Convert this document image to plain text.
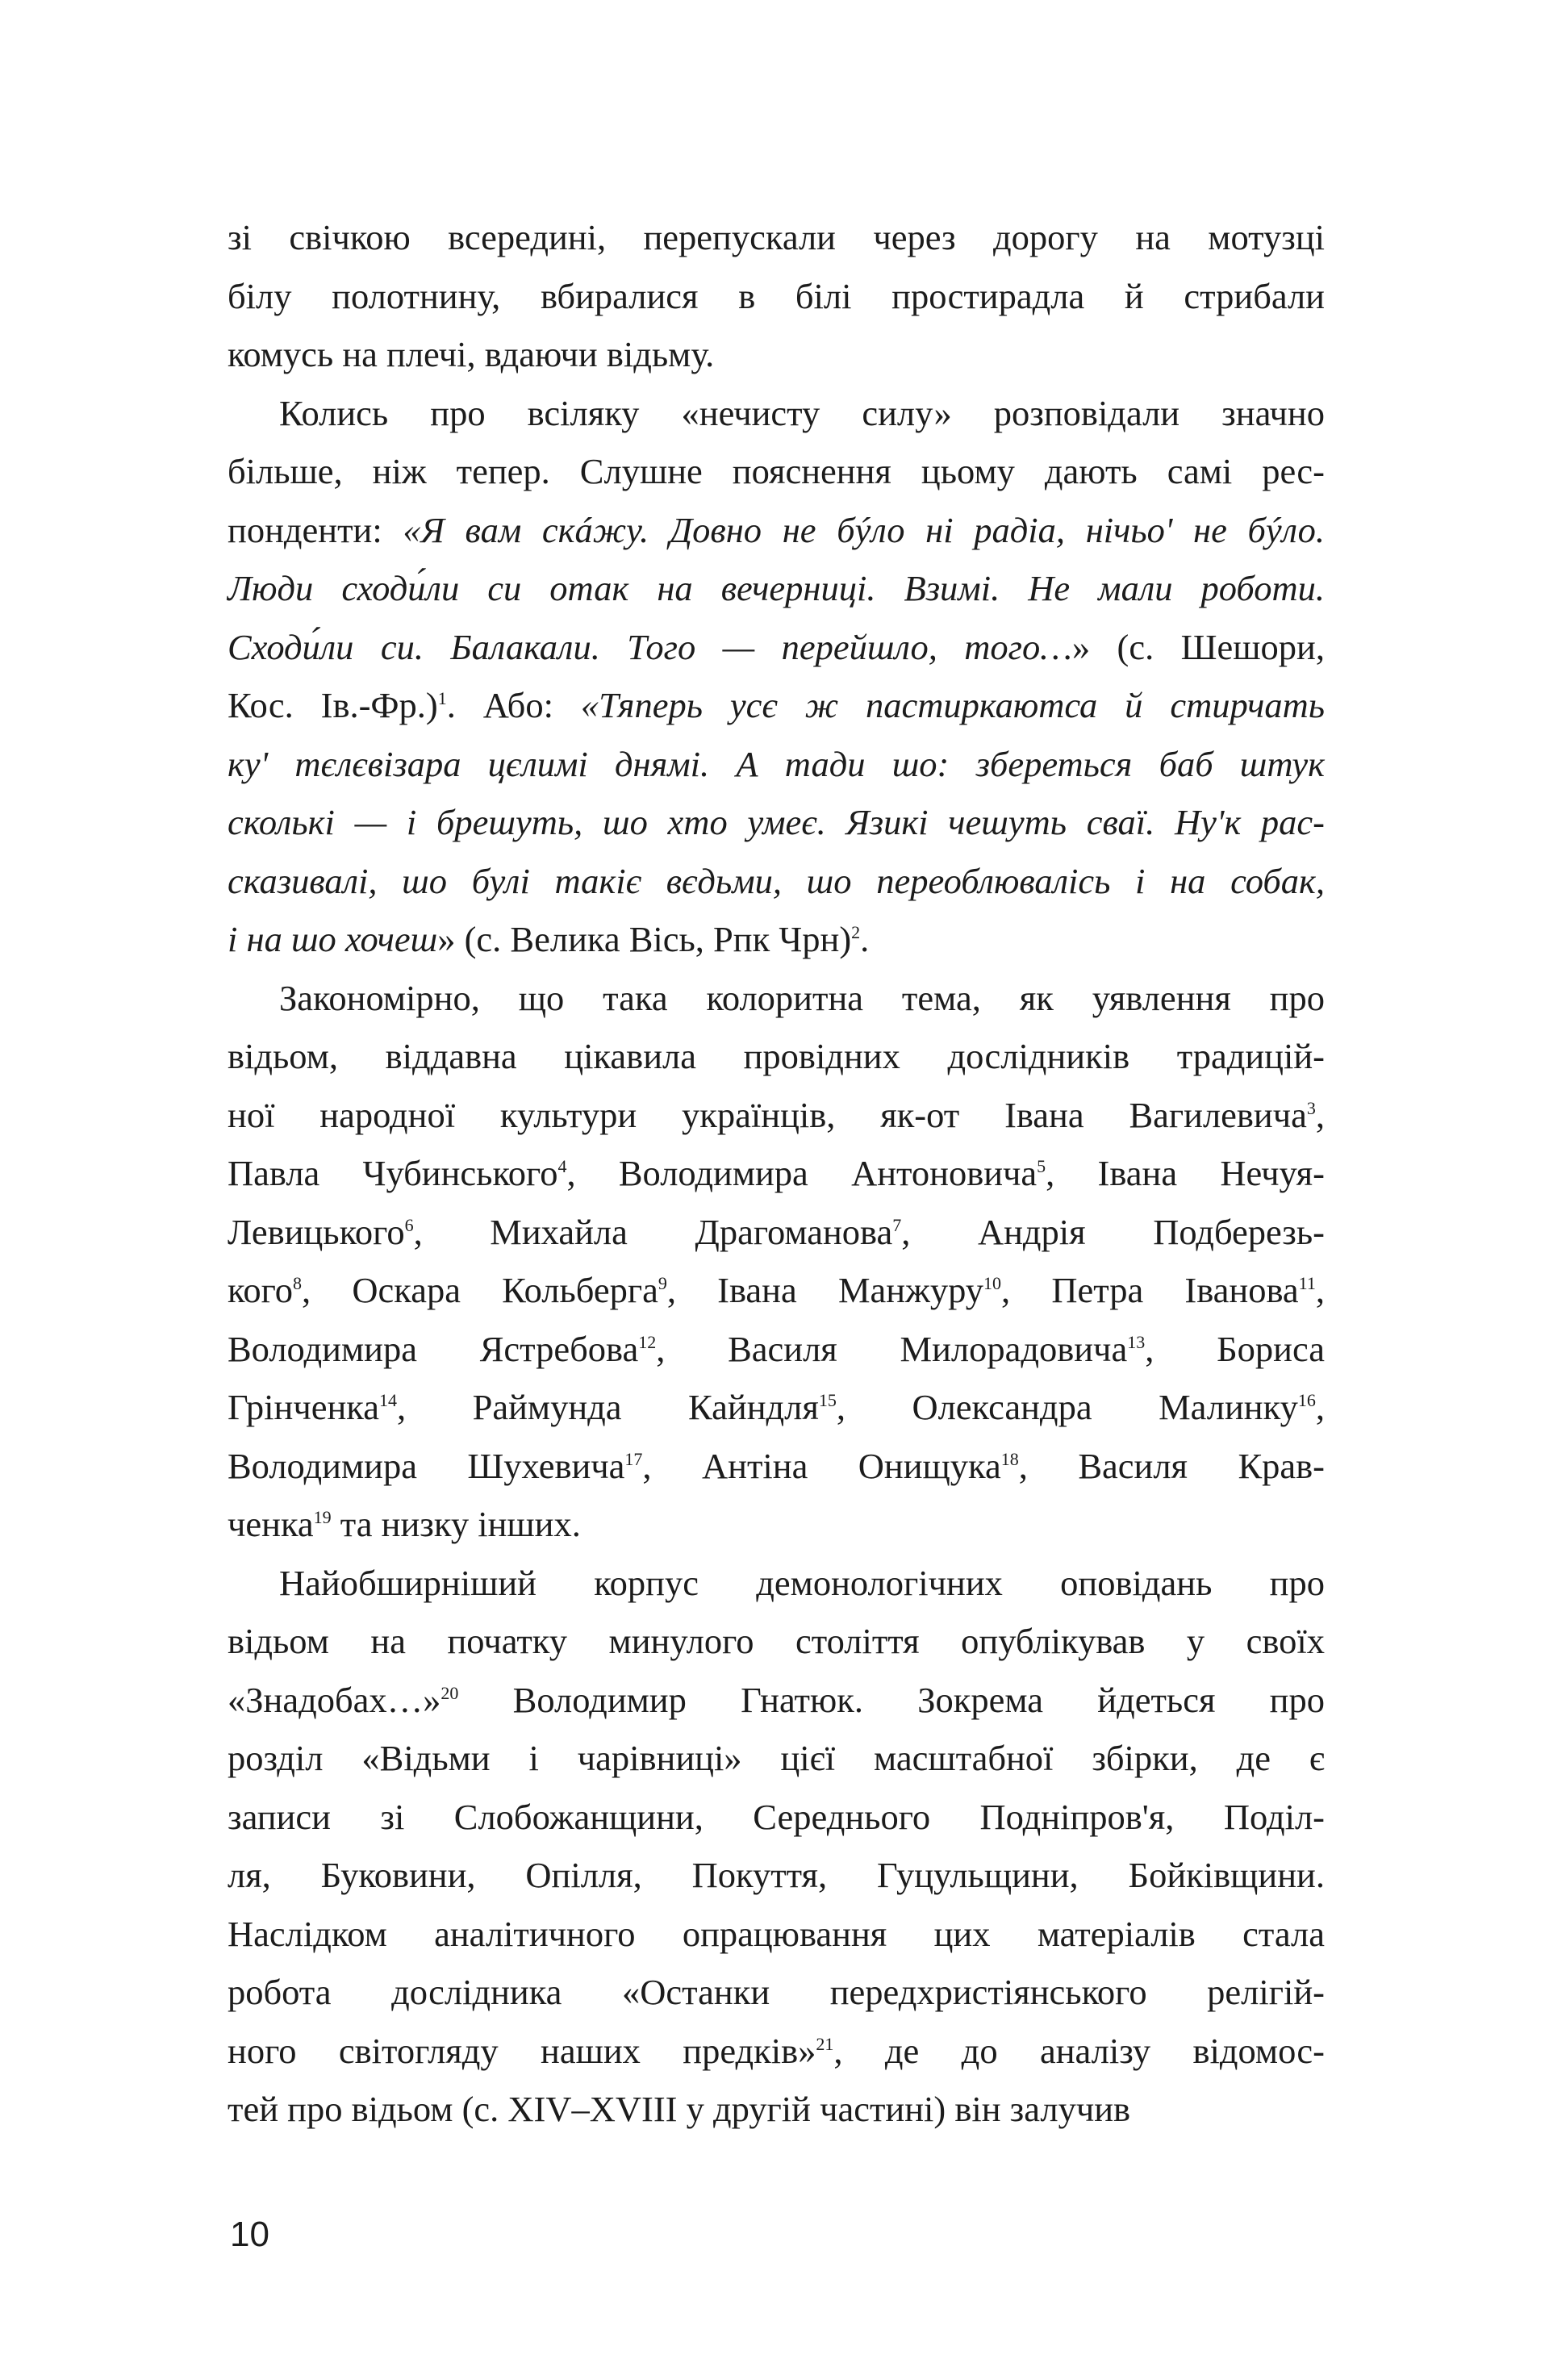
зі свічкою всередині, перепускали через дорогу на мотузці
білу полотнину, вбиралися в білі простирадла й стрибали
комусь на плечі, вдаючи відьму.
Колись про всіляку «нечисту силу» розповідали значно
більше, ніж тепер. Слушне пояснення цьому дають самі рес-
понденти: «Я вам скáжу. Довно не бýло ні радіа, нічьо' не бýло.
Люди сходи́ли си отак на вечерниці. Взимі. Не мали роботи.
Сходи́ли си. Балакали. Того — перейшло, того…» (с. Шешори,
Кос. Ів.-Фр.)$^1$. Або: «Тяперь усє ж пастиркаютса й стирчать
ку' тєлєвізара цєлимі днямі. А тади шо: збереться баб штук
сколькі — і брешуть, шо хто умеє. Язикі чешуть сваї. Ну'к рас-
сказивалі, шо булі такіє вєдьми, шо переоблювалісь і на собак,
і на шо хочеш» (с. Велика Вісь, Рпк Чрн)$^2$.
Закономірно, що така колоритна тема, як уявлення про
відьом, віддавна цікавила провідних дослідників традицій-
ної народної культури українців, як-от Івана Вагилевича$^3$,
Павла Чубинського$^4$, Володимира Антоновича$^5$, Івана Нечуя-
Левицького$^6$, Михайла Драгоманова$^7$, Андрія Подберезь-
кого$^8$, Оскара Кольберга$^9$, Івана Манжуру$^{10}$, Петра Іванова$^{11}$,
Володимира Ястребова$^{12}$, Василя Милорадовича$^{13}$, Бориса
Грінченка$^{14}$, Раймунда Кайндля$^{15}$, Олександра Малинку$^{16}$,
Володимира Шухевича$^{17}$, Антіна Онищука$^{18}$, Василя Крав-
ченка$^{19}$ та низку інших.
Найобширніший корпус демонологічних оповідань про
відьом на початку минулого століття опублікував у своїх
«Знадобах…»$^{20}$ Володимир Гнатюк. Зокрема йдеться про
розділ «Відьми і чарівниці» цієї масштабної збірки, де є
записи зі Слобожанщини, Середнього Подніпров'я, Поділ-
ля, Буковини, Опілля, Покуття, Гуцульщини, Бойківщини.
Наслідком аналітичного опрацювання цих матеріалів стала
робота дослідника «Останки передхристіянського релігій-
ного світогляду наших предків»$^{21}$, де до аналізу відомос-
тей про відьом (с. XIV–XVIII у другій частині) він залучив
10
